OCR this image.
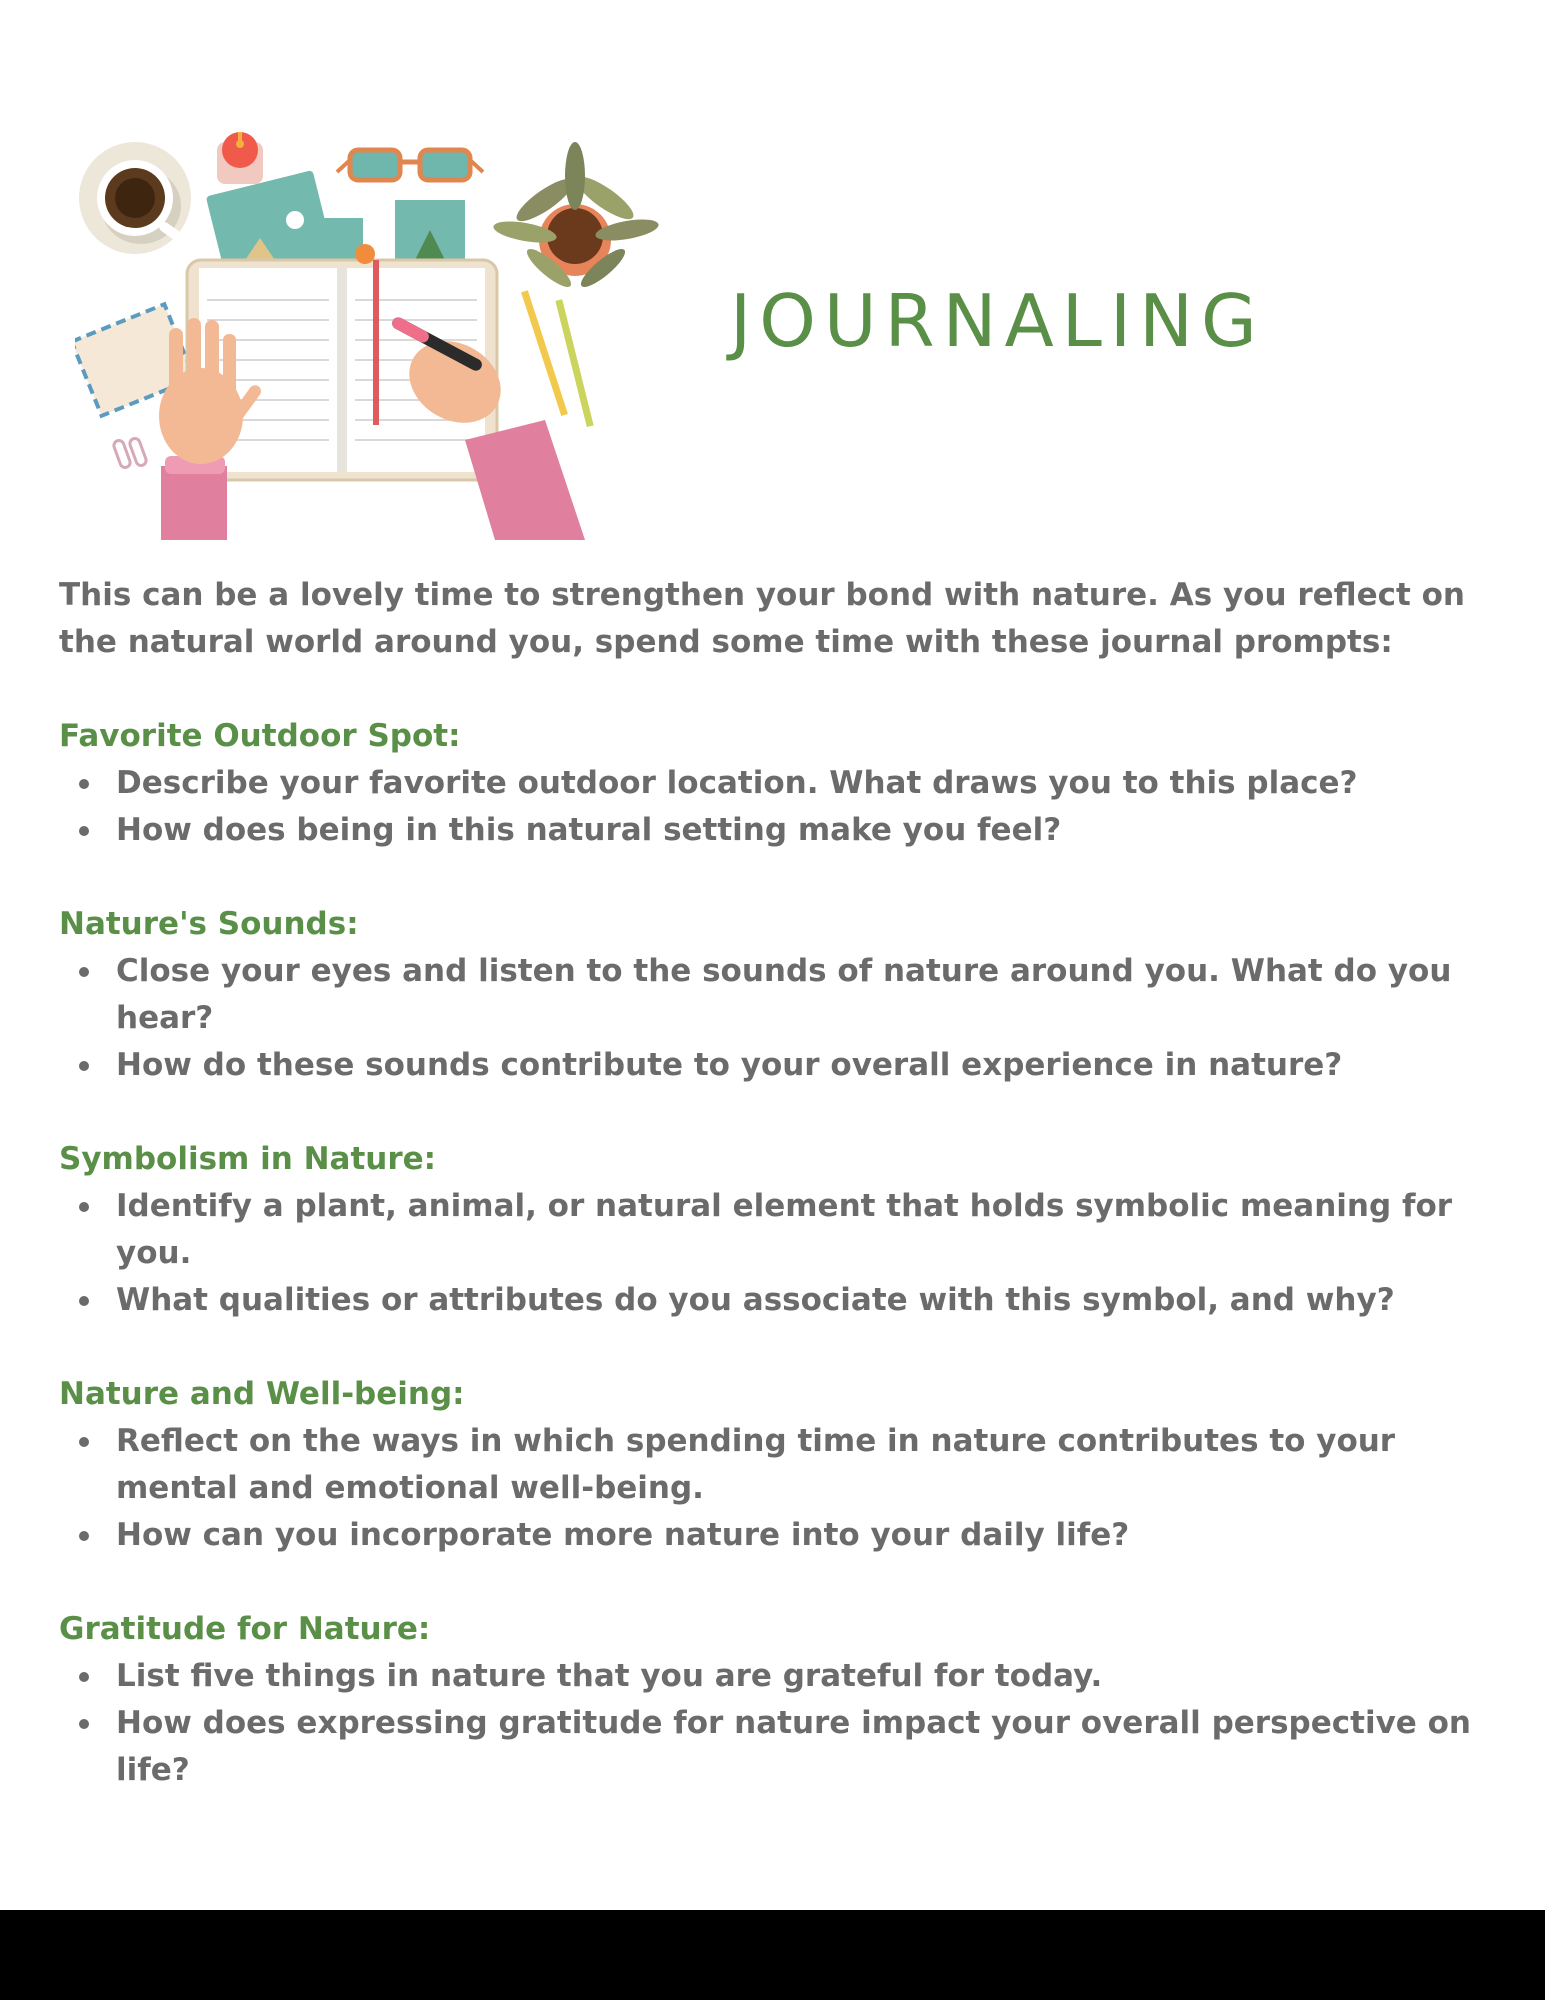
JOURNALING

This can be a lovely time to strengthen your bond with nature. As you reflect on the natural world around you, spend some time with these journal prompts:

Favorite Outdoor Spot:
Describe your favorite outdoor location. What draws you to this place?
How does being in this natural setting make you feel?
Nature's Sounds:
Close your eyes and listen to the sounds of nature around you. What do you hear?
How do these sounds contribute to your overall experience in nature?
Symbolism in Nature:
Identify a plant, animal, or natural element that holds symbolic meaning for you.
What qualities or attributes do you associate with this symbol, and why?
Nature and Well-being:
Reflect on the ways in which spending time in nature contributes to your mental and emotional well-being.
How can you incorporate more nature into your daily life?
Gratitude for Nature:
List five things in nature that you are grateful for today.
How does expressing gratitude for nature impact your overall perspective on life?
